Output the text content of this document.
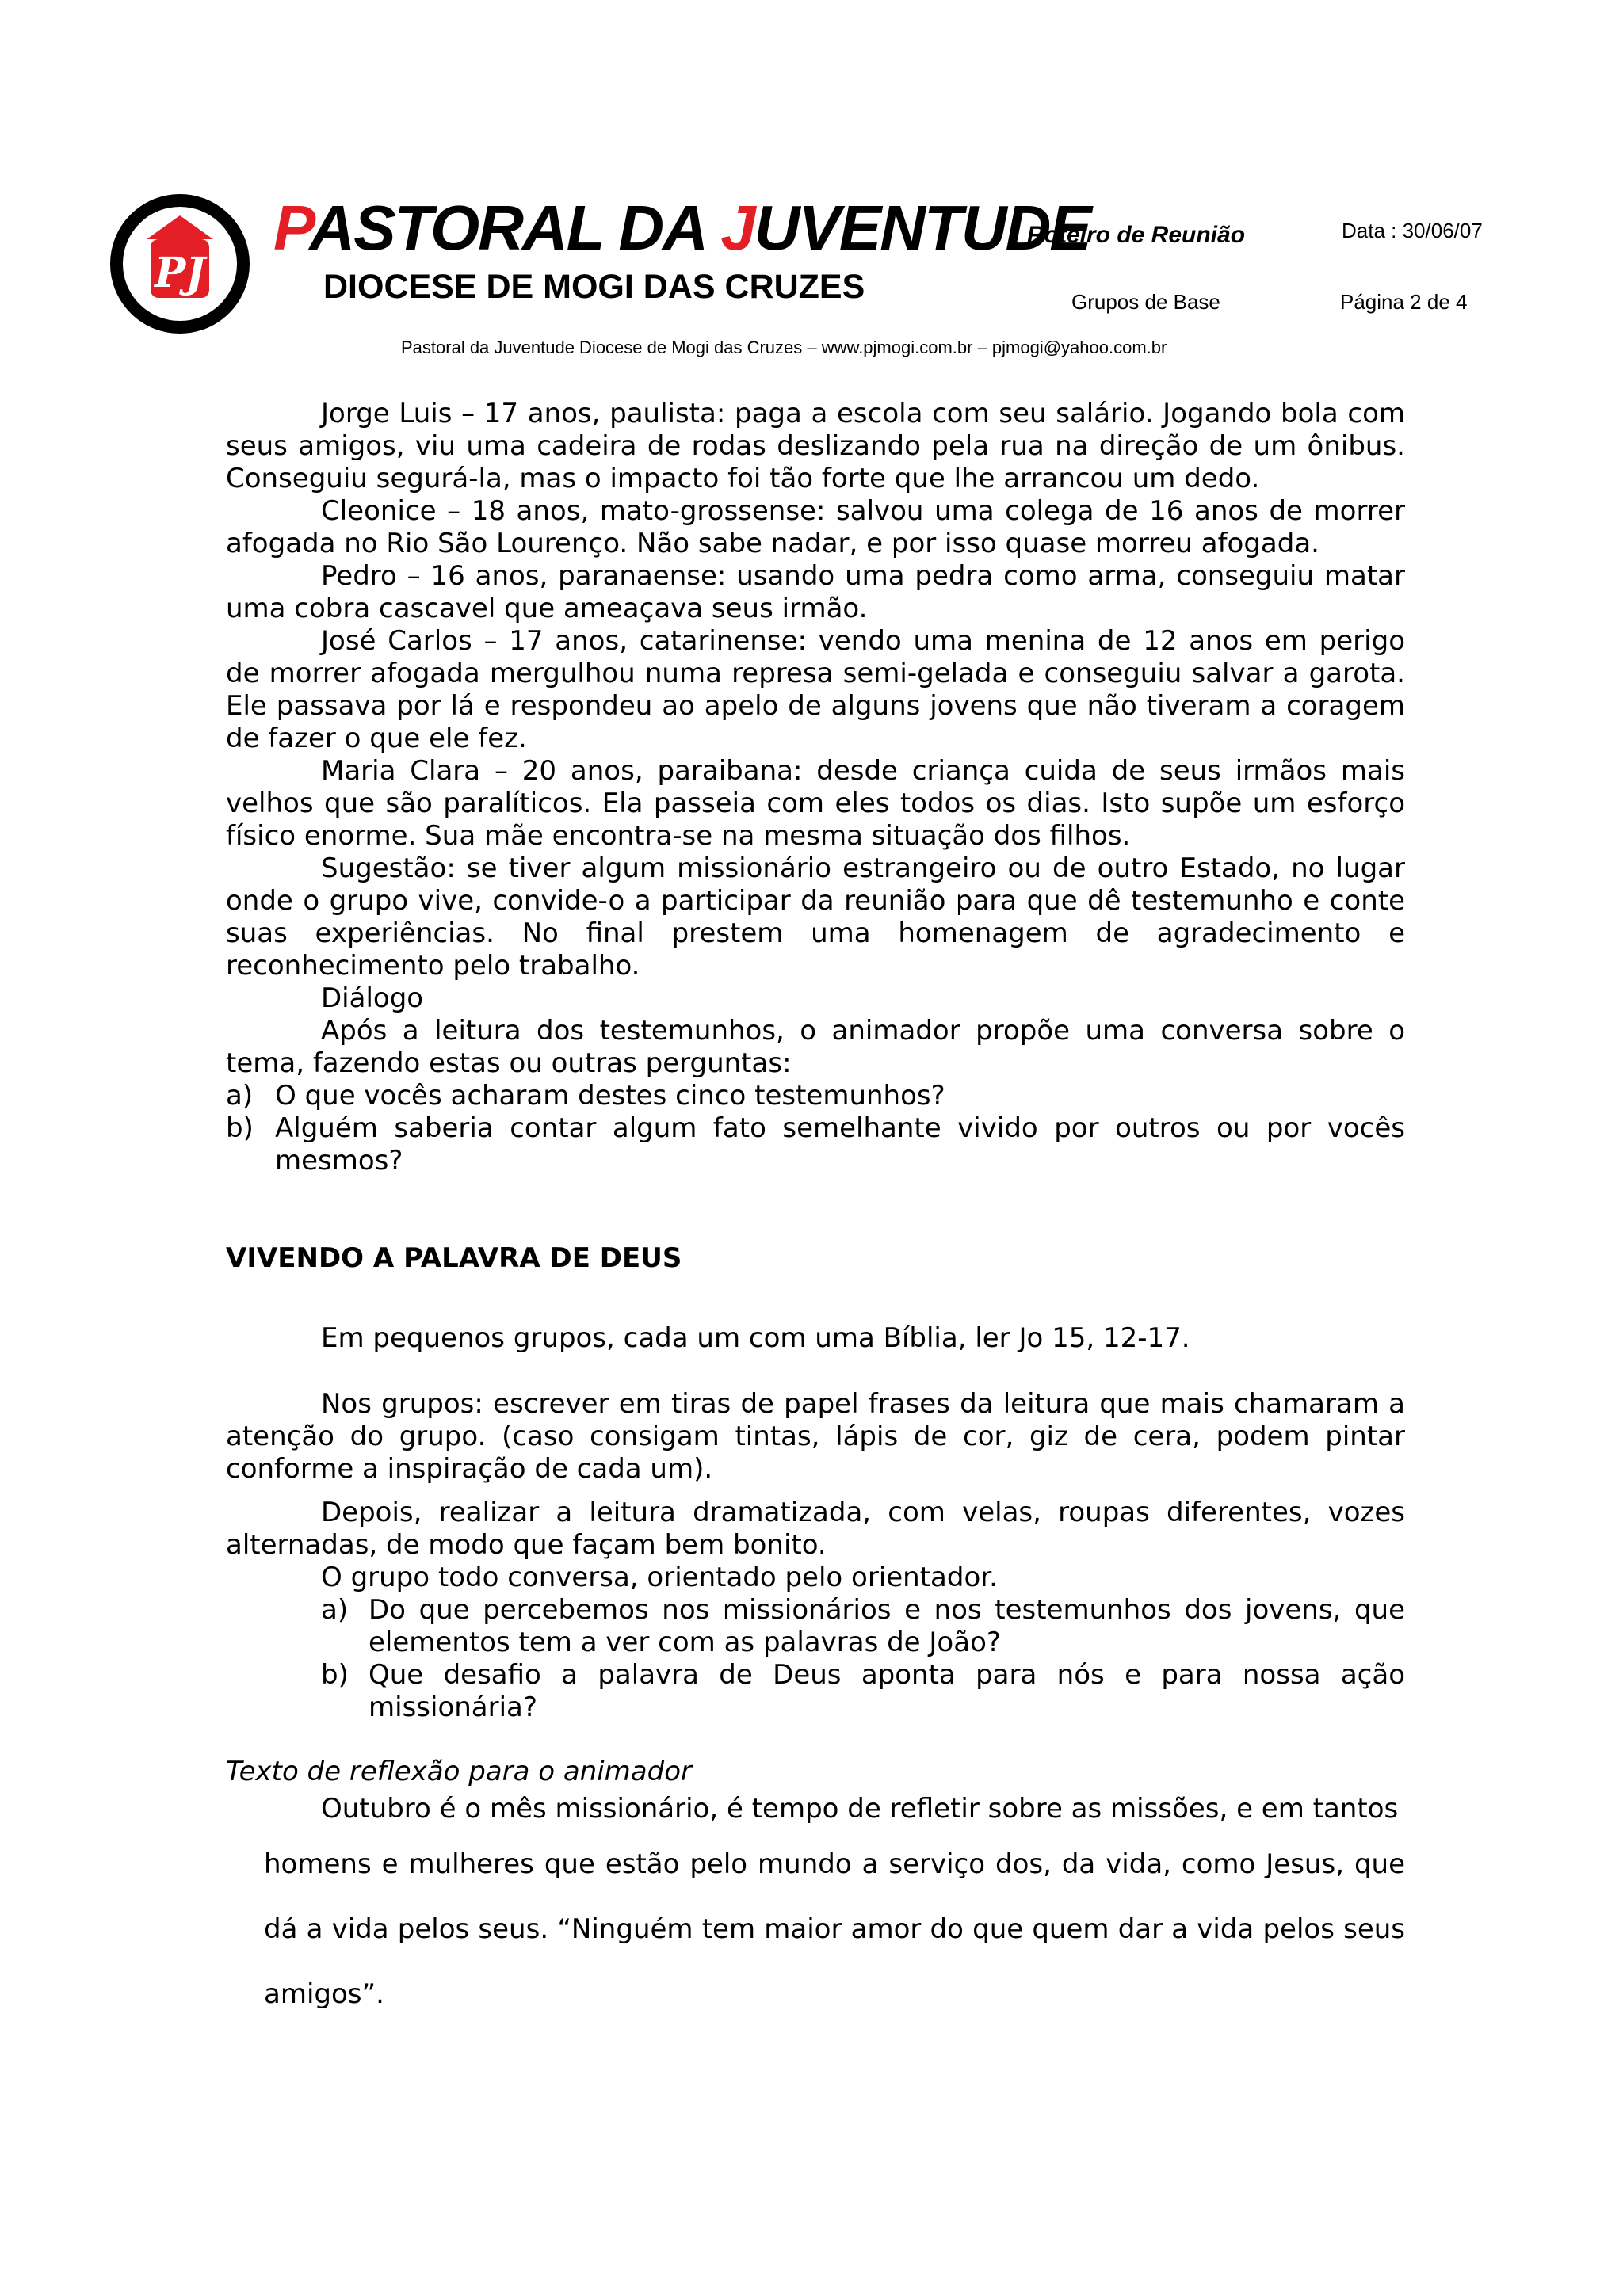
PJ
PASTORAL DA JUVENTUDE
DIOCESE DE MOGI DAS CRUZES
Roteiro de Reunião	Data : 30/06/07
Grupos de Base	Página 2 de 4
Pastoral da Juventude Diocese de Mogi das Cruzes – www.pjmogi.com.br – pjmogi@yahoo.com.br

Jorge Luis – 17 anos, paulista: paga a escola com seu salário. Jogando bola com seus amigos, viu uma cadeira de rodas deslizando pela rua na direção de um ônibus. Conseguiu segurá-la, mas o impacto foi tão forte que lhe arrancou um dedo.

Cleonice – 18 anos, mato-grossense: salvou uma colega de 16 anos de morrer afogada no Rio São Lourenço. Não sabe nadar, e por isso quase morreu afogada.

Pedro – 16 anos, paranaense: usando uma pedra como arma, conseguiu matar uma cobra cascavel que ameaçava seus irmão.

José Carlos – 17 anos, catarinense: vendo uma menina de 12 anos em perigo de morrer afogada mergulhou numa represa semi-gelada e conseguiu salvar a garota. Ele passava por lá e respondeu ao apelo de alguns jovens que não tiveram a coragem de fazer o que ele fez.

Maria Clara – 20 anos, paraibana: desde criança cuida de seus irmãos mais velhos que são paralíticos. Ela passeia com eles todos os dias. Isto supõe um esforço físico enorme. Sua mãe encontra-se na mesma situação dos filhos.

Sugestão: se tiver algum missionário estrangeiro ou de outro Estado, no lugar onde o grupo vive, convide-o a participar da reunião para que dê testemunho e conte suas experiências. No final prestem uma homenagem de agradecimento e reconhecimento pelo trabalho.

Diálogo

Após a leitura dos testemunhos, o animador propõe uma conversa sobre o tema, fazendo estas ou outras perguntas:

a) O que vocês acharam destes cinco testemunhos?

b) Alguém saberia contar algum fato semelhante vivido por outros ou por vocês mesmos?

VIVENDO A PALAVRA DE DEUS

Em pequenos grupos, cada um com uma Bíblia, ler Jo 15, 12-17.

Nos grupos: escrever em tiras de papel frases da leitura que mais chamaram a atenção do grupo. (caso consigam tintas, lápis de cor, giz de cera, podem pintar conforme a inspiração de cada um).

Depois, realizar a leitura dramatizada, com velas, roupas diferentes, vozes alternadas, de modo que façam bem bonito.

O grupo todo conversa, orientado pelo orientador.

a) Do que percebemos nos missionários e nos testemunhos dos jovens, que elementos tem a ver com as palavras de João?

b) Que desafio a palavra de Deus aponta para nós e para nossa ação missionária?

Texto de reflexão para o animador

Outubro é o mês missionário, é tempo de refletir sobre as missões, e em tantos

homens e mulheres que estão pelo mundo a serviço dos, da vida, como Jesus, que dá a vida pelos seus. “Ninguém tem maior amor do que quem dar a vida pelos seus amigos”.
